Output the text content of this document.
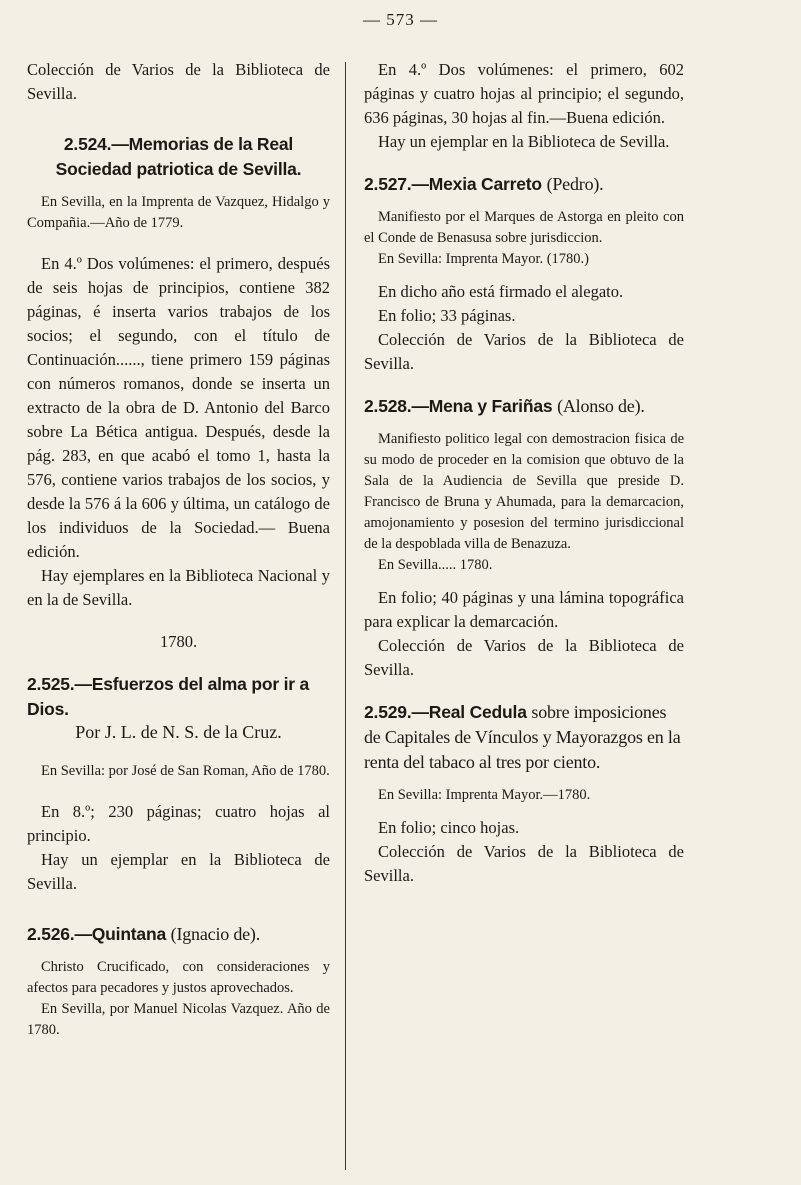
— 573 —

Colección de Varios de la Biblioteca de Sevilla.

2.524.—Memorias de la Real Sociedad patriotica de Sevilla.

En Sevilla, en la Imprenta de Vazquez, Hidalgo y Compañia.—Año de 1779.

En 4.º Dos volúmenes: el primero, después de seis hojas de principios, contiene 382 páginas, é inserta varios trabajos de los socios; el segundo, con el título de Continuación......, tiene primero 159 páginas con números romanos, donde se inserta un extracto de la obra de D. Antonio del Barco sobre La Bética antigua. Después, desde la pág. 283, en que acabó el tomo 1, hasta la 576, contiene varios trabajos de los socios, y desde la 576 á la 606 y última, un catálogo de los individuos de la Sociedad.— Buena edición.

Hay ejemplares en la Biblioteca Nacional y en la de Sevilla.

1780.

2.525.—Esfuerzos del alma por ir a Dios.
Por J. L. de N. S. de la Cruz.

En Sevilla: por José de San Roman, Año de 1780.

En 8.º; 230 páginas; cuatro hojas al principio.

Hay un ejemplar en la Biblioteca de Sevilla.

2.526.—Quintana (Ignacio de).

Christo Crucificado, con consideraciones y afectos para pecadores y justos aprovechados.

En Sevilla, por Manuel Nicolas Vazquez. Año de 1780.

En 4.º Dos volúmenes: el primero, 602 páginas y cuatro hojas al principio; el segundo, 636 páginas, 30 hojas al fin.—Buena edición.

Hay un ejemplar en la Biblioteca de Sevilla.

2.527.—Mexia Carreto (Pedro).

Manifiesto por el Marques de Astorga en pleito con el Conde de Benasusa sobre jurisdiccion.

En Sevilla: Imprenta Mayor. (1780.)

En dicho año está firmado el alegato.

En folio; 33 páginas.

Colección de Varios de la Biblioteca de Sevilla.

2.528.—Mena y Fariñas (Alonso de).

Manifiesto politico legal con demostracion fisica de su modo de proceder en la comision que obtuvo de la Sala de la Audiencia de Sevilla que preside D. Francisco de Bruna y Ahumada, para la demarcacion, amojonamiento y posesion del termino jurisdiccional de la despoblada villa de Benazuza.

En Sevilla..... 1780.

En folio; 40 páginas y una lámina topográfica para explicar la demarcación.

Colección de Varios de la Biblioteca de Sevilla.

2.529.—Real Cedula sobre imposiciones de Capitales de Vínculos y Mayorazgos en la renta del tabaco al tres por ciento.

En Sevilla: Imprenta Mayor.—1780.

En folio; cinco hojas.

Colección de Varios de la Biblioteca de Sevilla.
